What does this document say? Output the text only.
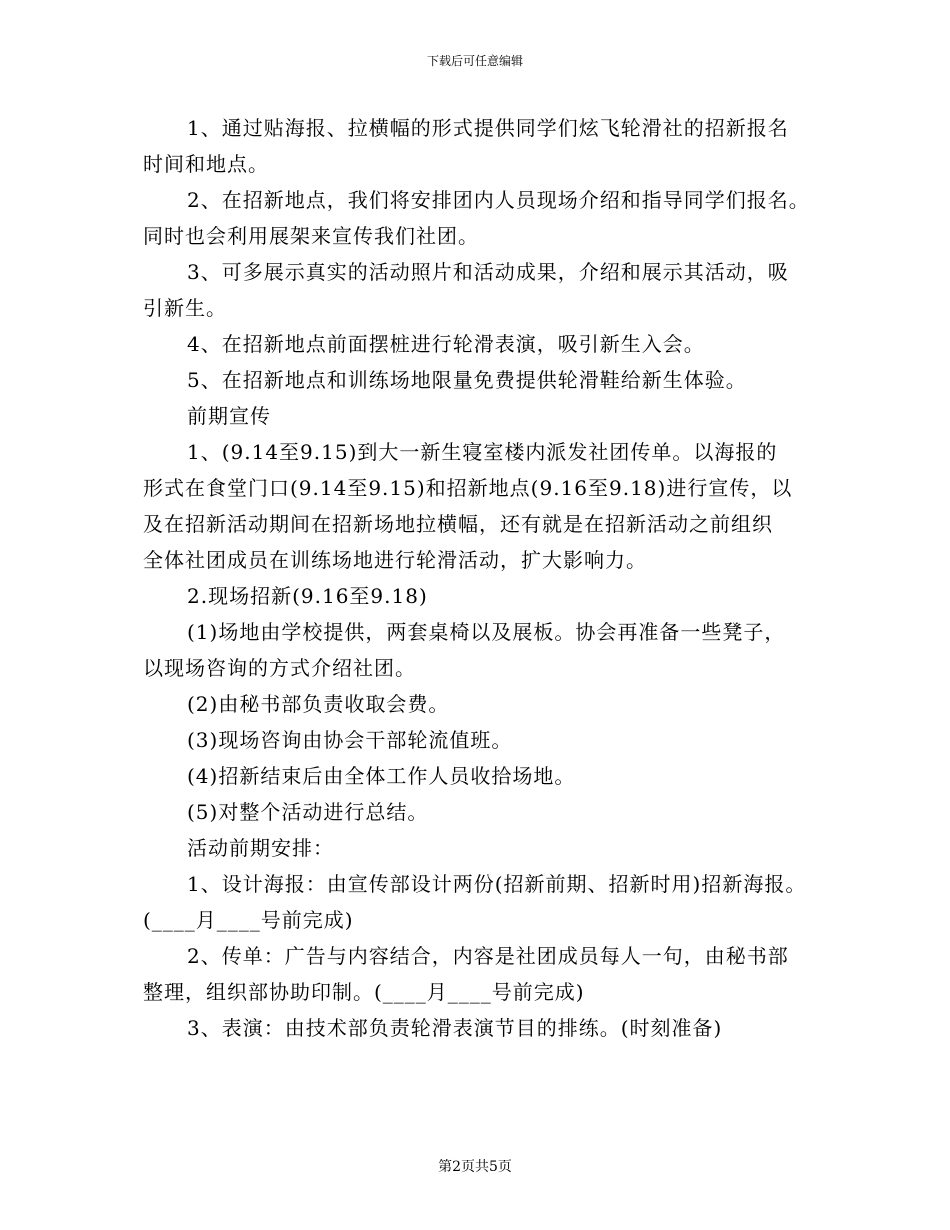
下载后可任意编辑

1、通过贴海报、拉横幅的形式提供同学们炫飞轮滑社的招新报名
时间和地点。

2、在招新地点，我们将安排团内人员现场介绍和指导同学们报名。
同时也会利用展架来宣传我们社团。

3、可多展示真实的活动照片和活动成果，介绍和展示其活动，吸
引新生。

4、在招新地点前面摆桩进行轮滑表演，吸引新生入会。

5、在招新地点和训练场地限量免费提供轮滑鞋给新生体验。

前期宣传

1、(9.14至9.15)到大一新生寝室楼内派发社团传单。以海报的
形式在食堂门口(9.14至9.15)和招新地点(9.16至9.18)进行宣传，以
及在招新活动期间在招新场地拉横幅，还有就是在招新活动之前组织
全体社团成员在训练场地进行轮滑活动，扩大影响力。

2.现场招新(9.16至9.18)

(1)场地由学校提供，两套桌椅以及展板。协会再准备一些凳子，
以现场咨询的方式介绍社团。

(2)由秘书部负责收取会费。

(3)现场咨询由协会干部轮流值班。

(4)招新结束后由全体工作人员收拾场地。

(5)对整个活动进行总结。

活动前期安排：

1、设计海报：由宣传部设计两份(招新前期、招新时用)招新海报。
(____月____号前完成)

2、传单：广告与内容结合，内容是社团成员每人一句，由秘书部
整理，组织部协助印制。(____月____号前完成)

3、表演：由技术部负责轮滑表演节目的排练。(时刻准备)

第2页共5页
